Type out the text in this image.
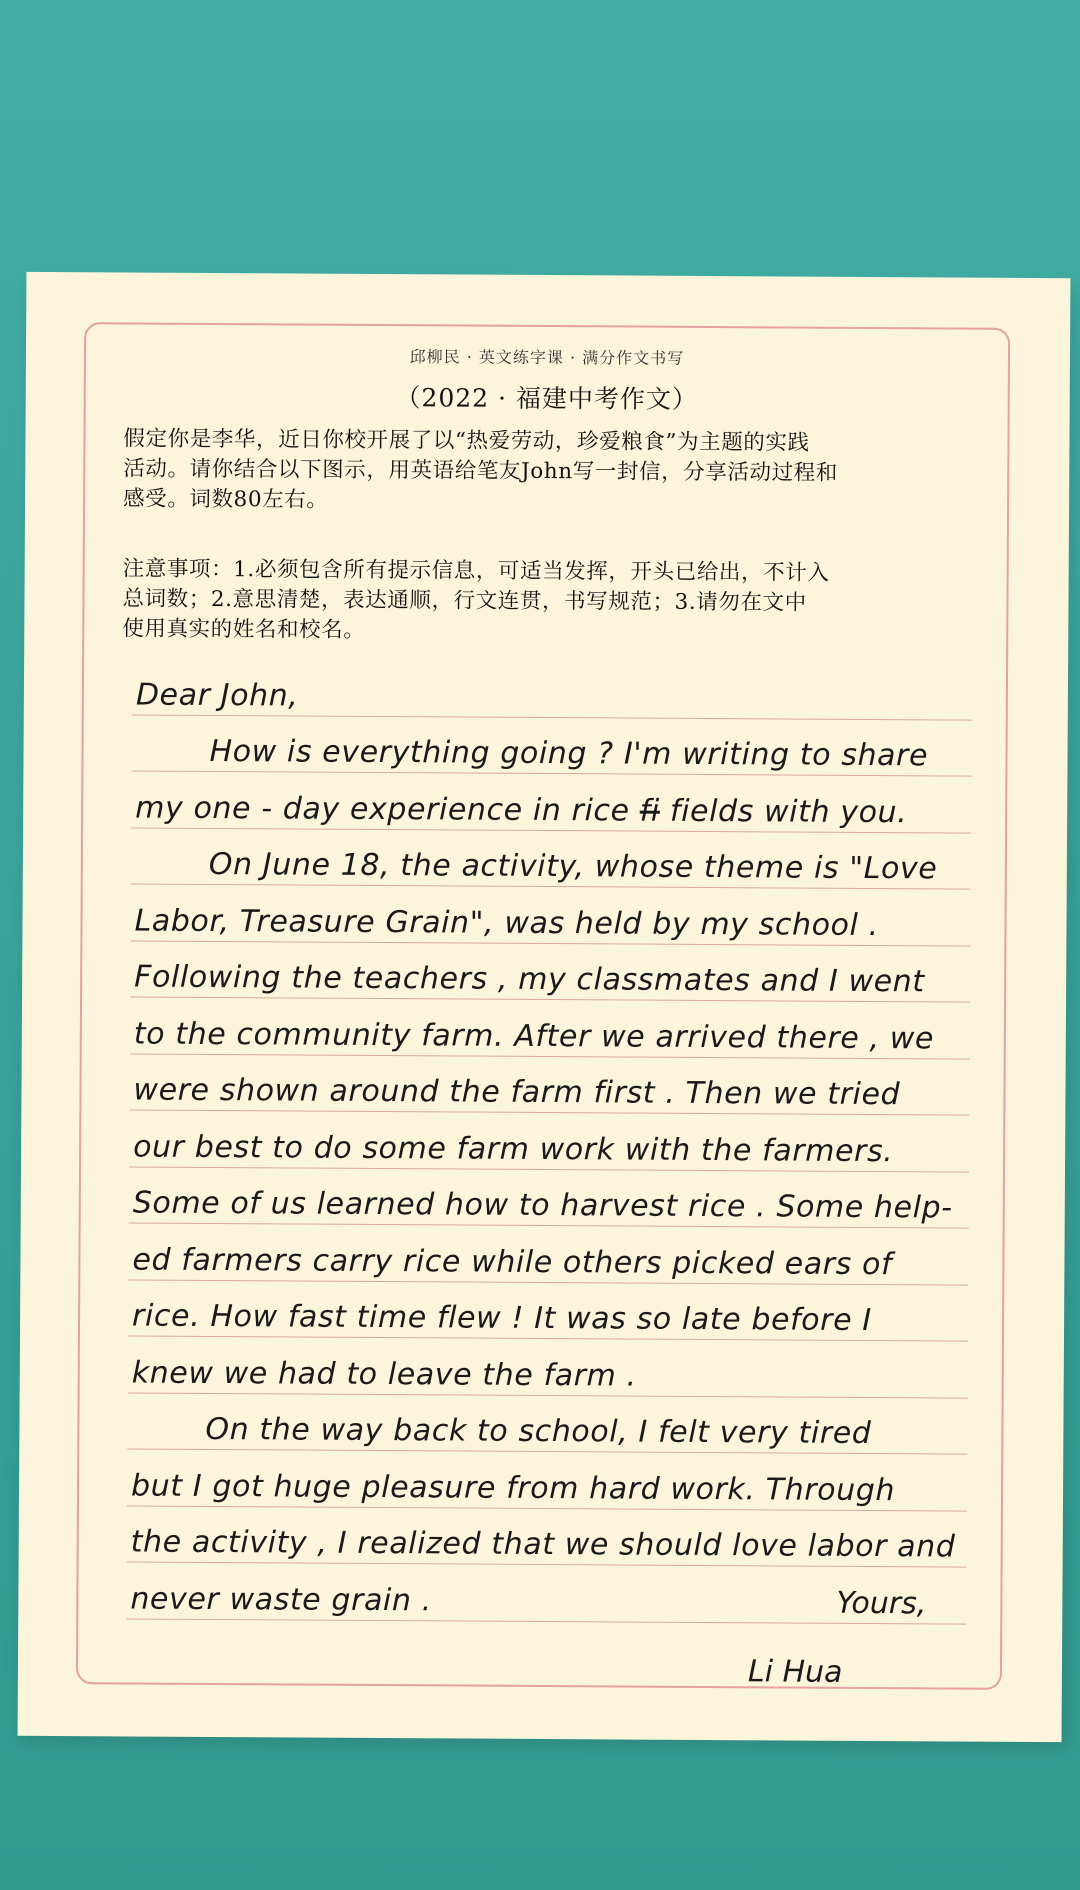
邱柳民 · 英文练字课 · 满分作文书写
（2022 · 福建中考作文）
假定你是李华，近日你校开展了以“热爱劳动，珍爱粮食”为主题的实践
活动。请你结合以下图示，用英语给笔友John写一封信，分享活动过程和
感受。词数80左右。
注意事项：1.必须包含所有提示信息，可适当发挥，开头已给出，不计入
总词数；2.意思清楚，表达通顺，行文连贯，书写规范；3.请勿在文中
使用真实的姓名和校名。
Dear John,
How is everything going ? I'm writing to share
my one - day experience in rice fi fields with you.
On June 18, the activity, whose theme is "Love
Labor, Treasure Grain", was held by my school .
Following the teachers , my classmates and I went
to the community farm. After we arrived there , we
were shown around the farm first . Then we tried
our best to do some farm work with the farmers.
Some of us learned how to harvest rice . Some help-
ed farmers carry rice while others picked ears of
rice. How fast time flew ! It was so late before I
knew we had to leave the farm .
On the way back to school, I felt very tired
but I got huge pleasure from hard work. Through
the activity , I realized that we should love labor and
never waste grain .	Yours,
Li Hua
